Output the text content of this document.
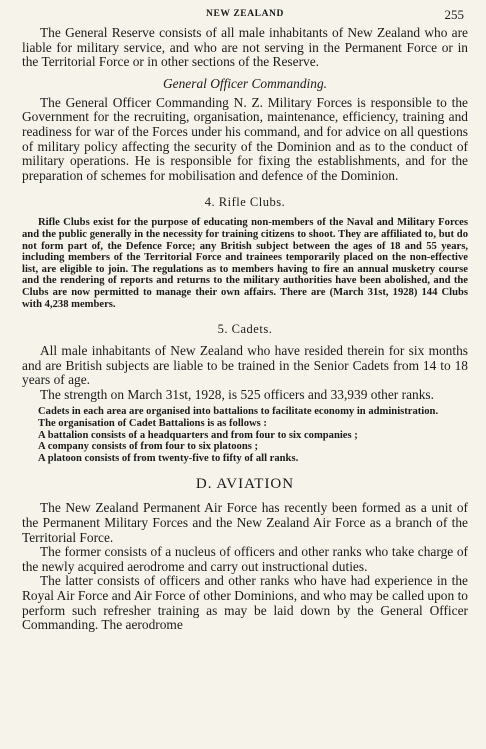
NEW ZEALAND	255

The General Reserve consists of all male inhabitants of New Zealand who are liable for military service, and who are not serving in the Permanent Force or in the Territorial Force or in other sections of the Reserve.

General Officer Commanding.

The General Officer Commanding N. Z. Military Forces is responsible to the Government for the recruiting, organisation, maintenance, efficiency, training and readiness for war of the Forces under his command, and for advice on all questions of military policy affecting the security of the Dominion and as to the conduct of military operations. He is responsible for fixing the establishments, and for the preparation of schemes for mobilisation and defence of the Dominion.

4. Rifle Clubs.

Rifle Clubs exist for the purpose of educating non-members of the Naval and Military Forces and the public generally in the necessity for training citizens to shoot. They are affiliated to, but do not form part of, the Defence Force; any British subject between the ages of 18 and 55 years, including members of the Territorial Force and trainees temporarily placed on the non-effective list, are eligible to join. The regulations as to members having to fire an annual musketry course and the rendering of reports and returns to the military authorities have been abolished, and the Clubs are now permitted to manage their own affairs. There are (March 31st, 1928) 144 Clubs with 4,238 members.

5. Cadets.

All male inhabitants of New Zealand who have resided therein for six months and are British subjects are liable to be trained in the Senior Cadets from 14 to 18 years of age.

The strength on March 31st, 1928, is 525 officers and 33,939 other ranks.

Cadets in each area are organised into battalions to facilitate economy in administration.

The organisation of Cadet Battalions is as follows :

A battalion consists of a headquarters and from four to six companies ;

A company consists of from four to six platoons ;

A platoon consists of from twenty-five to fifty of all ranks.

D. AVIATION

The New Zealand Permanent Air Force has recently been formed as a unit of the Permanent Military Forces and the New Zealand Air Force as a branch of the Territorial Force.

The former consists of a nucleus of officers and other ranks who take charge of the newly acquired aerodrome and carry out instructional duties.

The latter consists of officers and other ranks who have had experience in the Royal Air Force and Air Force of other Dominions, and who may be called upon to perform such refresher training as may be laid down by the General Officer Commanding. The aerodrome
